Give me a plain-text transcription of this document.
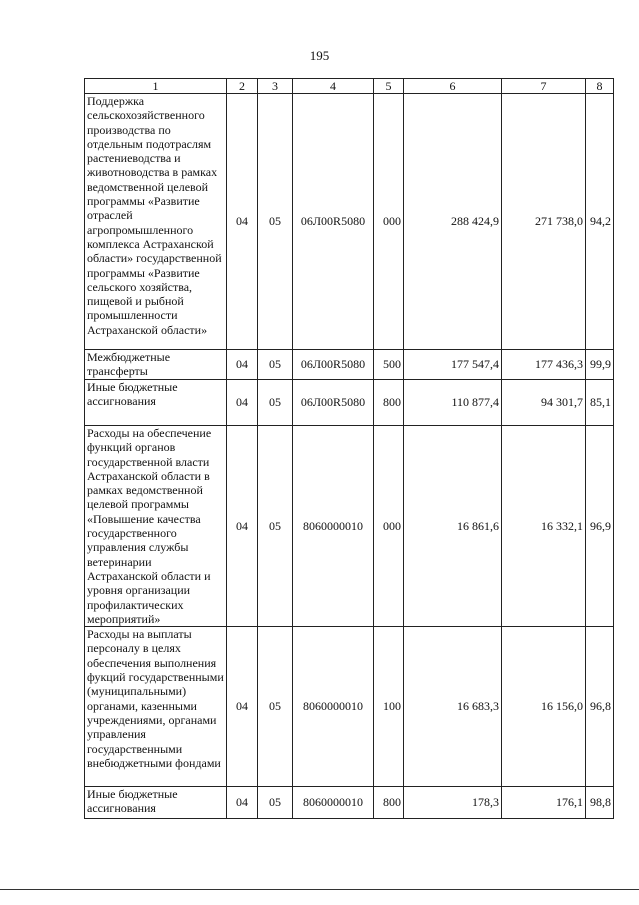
195
1	2	3	4	5	6	7	8
Поддержка сельскохозяйственного производства по отдельным подотраслям растениеводства и животноводства в рамках ведомственной целевой программы «Развитие отраслей агропромышленного комплекса Астраханской области» государственной программы «Развитие сельского хозяйства, пищевой и рыбной промышленности Астраханской области»	04	05	06Л00R5080	000	288 424,9	271 738,0	94,2
Межбюджетные трансферты	04	05	06Л00R5080	500	177 547,4	177 436,3	99,9
Иные бюджетные ассигнования	04	05	06Л00R5080	800	110 877,4	94 301,7	85,1
Расходы на обеспечение функций органов государственной власти Астраханской области в рамках ведомственной целевой программы «Повышение качества государственного управления службы ветеринарии Астраханской области и уровня организации профилактических мероприятий»	04	05	8060000010	000	16 861,6	16 332,1	96,9
Расходы на выплаты персоналу в целях обеспечения выполнения фукций государственными (муниципальными) органами, казенными учреждениями, органами управления государственными внебюджетными фондами	04	05	8060000010	100	16 683,3	16 156,0	96,8
Иные бюджетные ассигнования	04	05	8060000010	800	178,3	176,1	98,8
